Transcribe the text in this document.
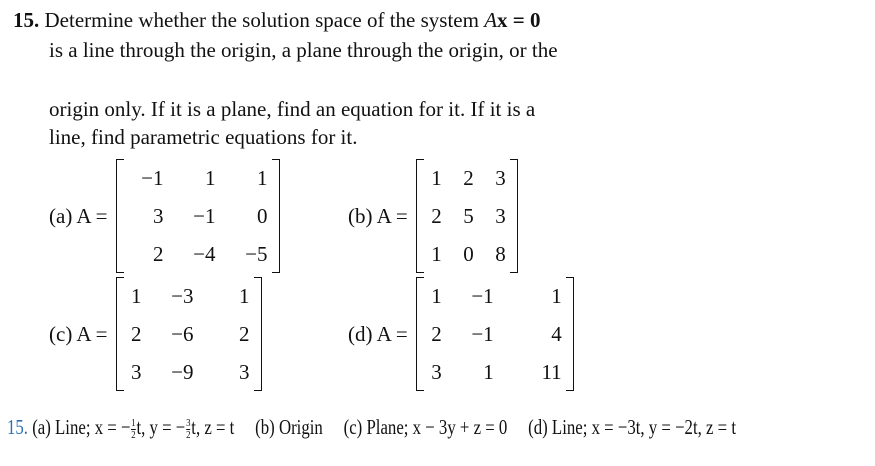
15. Determine whether the solution space of the system Ax = 0
is a line through the origin, a plane through the origin, or the
origin only. If it is a plane, find an equation for it. If it is a
line, find parametric equations for it.
(a) A =
−1	1	1
3	−1	0
2	−4	−5
(b) A =
1	2	3
2	5	3
1	0	8
(c) A =
1	−3	1
2	−6	2
3	−9	3
(d) A =
1	−1	1
2	−1	4
3	1	11
15. (a) Line; x = − $\frac{1}{2} t$, y = − $\frac{3}{2} t$, z = t (b) Origin (c) Plane; x − 3y + z = 0 (d) Line; x = −3t, y = −2t, z = t
